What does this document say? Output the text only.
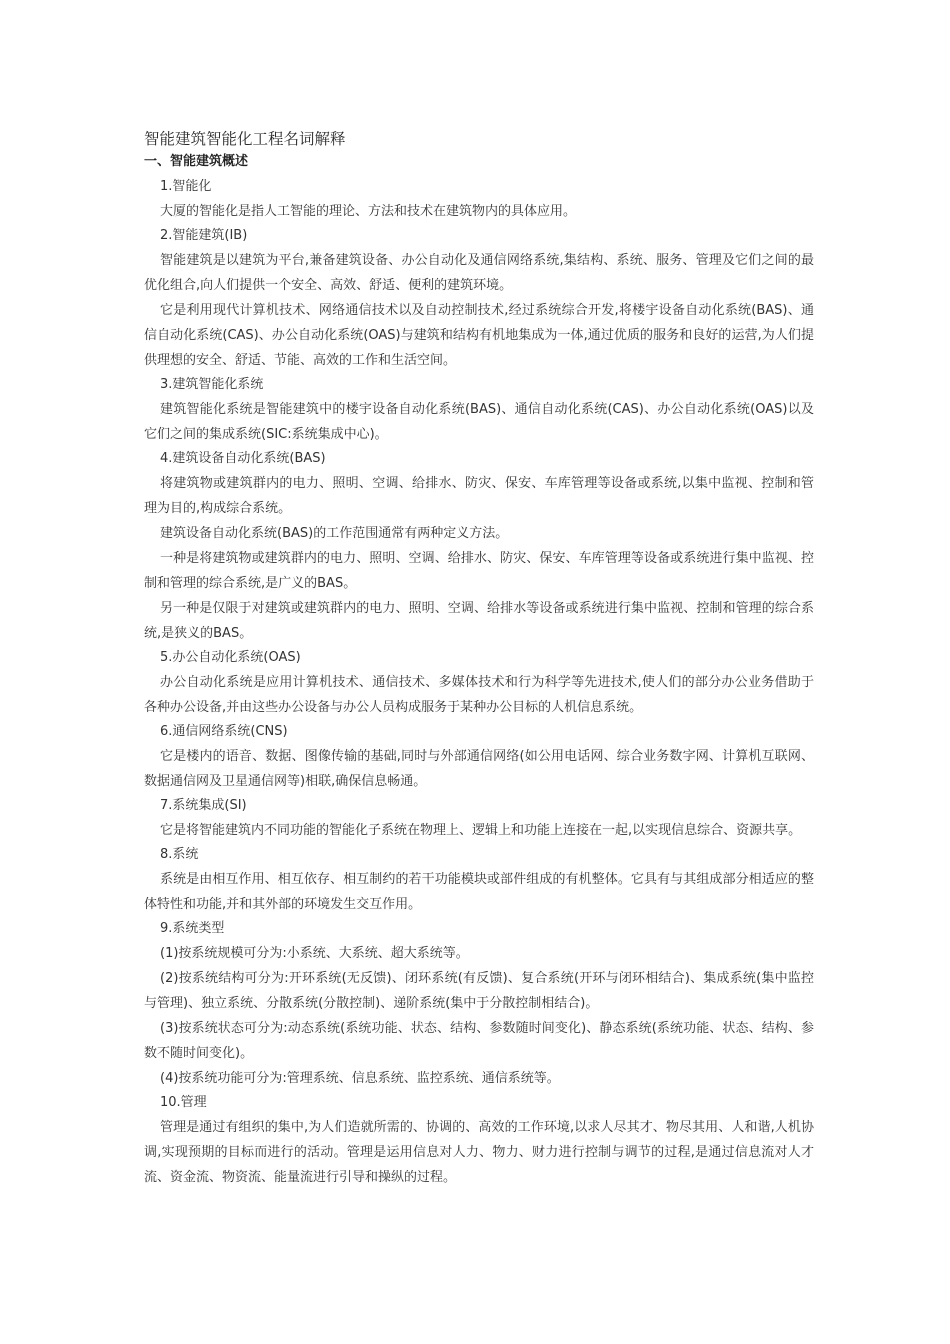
智能建筑智能化工程名词解释
一、智能建筑概述

1.智能化

大厦的智能化是指人工智能的理论、方法和技术在建筑物内的具体应用。

2.智能建筑(IB)

智能建筑是以建筑为平台,兼备建筑设备、办公自动化及通信网络系统,集结构、系统、服务、管理及它们之间的最优化组合,向人们提供一个安全、高效、舒适、便利的建筑环境。

它是利用现代计算机技术、网络通信技术以及自动控制技术,经过系统综合开发,将楼宇设备自动化系统(BAS)、通信自动化系统(CAS)、办公自动化系统(OAS)与建筑和结构有机地集成为一体,通过优质的服务和良好的运营,为人们提供理想的安全、舒适、节能、高效的工作和生活空间。

3.建筑智能化系统

建筑智能化系统是智能建筑中的楼宇设备自动化系统(BAS)、通信自动化系统(CAS)、办公自动化系统(OAS)以及它们之间的集成系统(SIC:系统集成中心)。

4.建筑设备自动化系统(BAS)

将建筑物或建筑群内的电力、照明、空调、给排水、防灾、保安、车库管理等设备或系统,以集中监视、控制和管理为目的,构成综合系统。

建筑设备自动化系统(BAS)的工作范围通常有两种定义方法。

一种是将建筑物或建筑群内的电力、照明、空调、给排水、防灾、保安、车库管理等设备或系统进行集中监视、控制和管理的综合系统,是广义的BAS。

另一种是仅限于对建筑或建筑群内的电力、照明、空调、给排水等设备或系统进行集中监视、控制和管理的综合系统,是狭义的BAS。

5.办公自动化系统(OAS)

办公自动化系统是应用计算机技术、通信技术、多媒体技术和行为科学等先进技术,使人们的部分办公业务借助于各种办公设备,并由这些办公设备与办公人员构成服务于某种办公目标的人机信息系统。

6.通信网络系统(CNS)

它是楼内的语音、数据、图像传输的基础,同时与外部通信网络(如公用电话网、综合业务数字网、计算机互联网、数据通信网及卫星通信网等)相联,确保信息畅通。

7.系统集成(SI)

它是将智能建筑内不同功能的智能化子系统在物理上、逻辑上和功能上连接在一起,以实现信息综合、资源共享。

8.系统

系统是由相互作用、相互依存、相互制约的若干功能模块或部件组成的有机整体。它具有与其组成部分相适应的整体特性和功能,并和其外部的环境发生交互作用。

9.系统类型

(1)按系统规模可分为:小系统、大系统、超大系统等。

(2)按系统结构可分为:开环系统(无反馈)、闭环系统(有反馈)、复合系统(开环与闭环相结合)、集成系统(集中监控与管理)、独立系统、分散系统(分散控制)、递阶系统(集中于分散控制相结合)。

(3)按系统状态可分为:动态系统(系统功能、状态、结构、参数随时间变化)、静态系统(系统功能、状态、结构、参数不随时间变化)。

(4)按系统功能可分为:管理系统、信息系统、监控系统、通信系统等。

10.管理

管理是通过有组织的集中,为人们造就所需的、协调的、高效的工作环境,以求人尽其才、物尽其用、人和谐,人机协调,实现预期的目标而进行的活动。管理是运用信息对人力、物力、财力进行控制与调节的过程,是通过信息流对人才流、资金流、物资流、能量流进行引导和操纵的过程。
